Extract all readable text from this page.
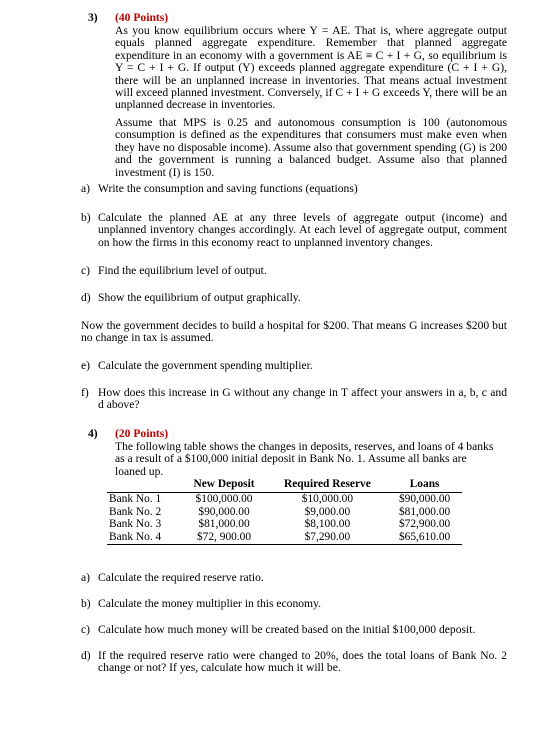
3) (40 Points)
As you know equilibrium occurs where Y = AE. That is, where aggregate output equals planned aggregate expenditure. Remember that planned aggregate expenditure in an economy with a government is AE ≡ C + I + G, so equilibrium is Y = C + I + G. If output (Y) exceeds planned aggregate expenditure (C + I + G), there will be an unplanned increase in inventories. That means actual investment will exceed planned investment. Conversely, if C + I + G exceeds Y, there will be an unplanned decrease in inventories.
Assume that MPS is 0.25 and autonomous consumption is 100 (autonomous consumption is defined as the expenditures that consumers must make even when they have no disposable income). Assume also that government spending (G) is 200 and the government is running a balanced budget. Assume also that planned investment (I) is 150.
a) Write the consumption and saving functions (equations)
b) Calculate the planned AE at any three levels of aggregate output (income) and unplanned inventory changes accordingly. At each level of aggregate output, comment on how the firms in this economy react to unplanned inventory changes.
c) Find the equilibrium level of output.
d) Show the equilibrium of output graphically.
Now the government decides to build a hospital for $200. That means G increases $200 but no change in tax is assumed.
e) Calculate the government spending multiplier.
f) How does this increase in G without any change in T affect your answers in a, b, c and d above?
4) (20 Points)
The following table shows the changes in deposits, reserves, and loans of 4 banks as a result of a $100,000 initial deposit in Bank No. 1. Assume all banks are loaned up.
	New Deposit	Required Reserve	Loans
Bank No. 1	$100,000.00	$10,000.00	$90,000.00
Bank No. 2	$90,000.00	$9,000.00	$81,000.00
Bank No. 3	$81,000.00	$8,100.00	$72,900.00
Bank No. 4	$72, 900.00	$7,290.00	$65,610.00
a) Calculate the required reserve ratio.
b) Calculate the money multiplier in this economy.
c) Calculate how much money will be created based on the initial $100,000 deposit.
d) If the required reserve ratio were changed to 20%, does the total loans of Bank No. 2 change or not? If yes, calculate how much it will be.
